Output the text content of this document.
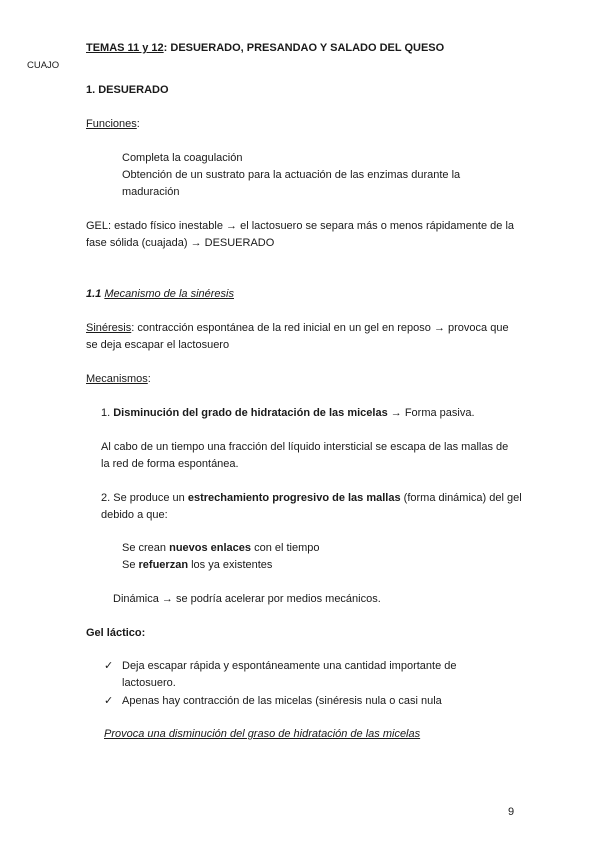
CUAJO
TEMAS 11 y 12: DESUERADO, PRESANDAO Y SALADO DEL QUESO
1. DESUERADO
Funciones:
Completa la coagulación
Obtención de un sustrato para la actuación de las enzimas durante la
maduración
GEL: estado físico inestable → el lactosuero se separa más o menos rápidamente de la
fase sólida (cuajada) → DESUERADO
1.1 Mecanismo de la sinéresis
Sinéresis: contracción espontánea de la red inicial en un gel en reposo → provoca que
se deja escapar el lactosuero
Mecanismos:
1. Disminución del grado de hidratación de las micelas → Forma pasiva.
Al cabo de un tiempo una fracción del líquido intersticial se escapa de las mallas de
la red de forma espontánea.
2. Se produce un estrechamiento progresivo de las mallas (forma dinámica) del gel
debido a que:
Se crean nuevos enlaces con el tiempo
Se refuerzan los ya existentes
Dinámica → se podría acelerar por medios mecánicos.
Gel láctico:
✓ Deja escapar rápida y espontáneamente una cantidad importante de
lactosuero.
✓ Apenas hay contracción de las micelas (sinéresis nula o casi nula
Provoca una disminución del graso de hidratación de las micelas
9
